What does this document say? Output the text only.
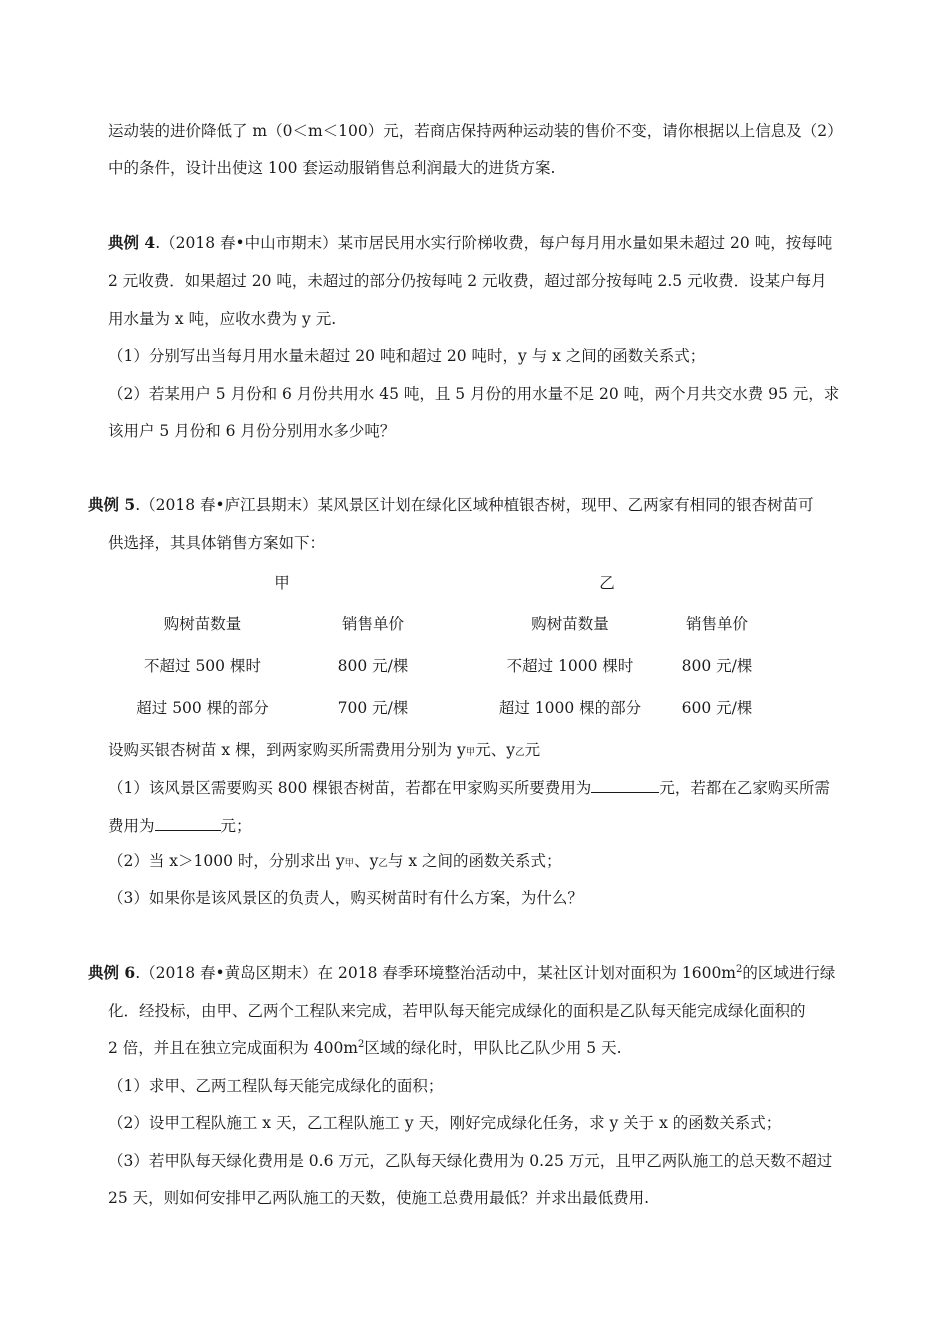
运动装的进价降低了 m（0＜m＜100）元，若商店保持两种运动装的售价不变，请你根据以上信息及（2）
中的条件，设计出使这 100 套运动服销售总利润最大的进货方案.
典例 4.（2018 春•中山市期末）某市居民用水实行阶梯收费，每户每月用水量如果未超过 20 吨，按每吨
2 元收费．如果超过 20 吨，未超过的部分仍按每吨 2 元收费，超过部分按每吨 2.5 元收费．设某户每月
用水量为 x 吨，应收水费为 y 元.
（1）分别写出当每月用水量未超过 20 吨和超过 20 吨时，y 与 x 之间的函数关系式；
（2）若某用户 5 月份和 6 月份共用水 45 吨，且 5 月份的用水量不足 20 吨，两个月共交水费 95 元，求
该用户 5 月份和 6 月份分别用水多少吨？
典例 5.（2018 春•庐江县期末）某风景区计划在绿化区域种植银杏树，现甲、乙两家有相同的银杏树苗可
供选择，其具体销售方案如下：
甲	乙
购树苗数量	销售单价	购树苗数量	销售单价
不超过 500 棵时	800 元/棵	不超过 1000 棵时	800 元/棵
超过 500 棵的部分	700 元/棵	超过 1000 棵的部分	600 元/棵
设购买银杏树苗 x 棵，到两家购买所需费用分别为 y甲元、y乙元
（1）该风景区需要购买 800 棵银杏树苗，若都在甲家购买所要费用为	元，若都在乙家购买所需
费用为	元；
（2）当 x＞1000 时，分别求出 y甲、y乙与 x 之间的函数关系式；
（3）如果你是该风景区的负责人，购买树苗时有什么方案，为什么？
典例 6.（2018 春•黄岛区期末）在 2018 春季环境整治活动中，某社区计划对面积为 $1600m^2$的区域进行绿
化．经投标，由甲、乙两个工程队来完成，若甲队每天能完成绿化的面积是乙队每天能完成绿化面积的
2 倍，并且在独立完成面积为 $400m^2$区域的绿化时，甲队比乙队少用 5 天.
（1）求甲、乙两工程队每天能完成绿化的面积；
（2）设甲工程队施工 x 天，乙工程队施工 y 天，刚好完成绿化任务，求 y 关于 x 的函数关系式；
（3）若甲队每天绿化费用是 0.6 万元，乙队每天绿化费用为 0.25 万元，且甲乙两队施工的总天数不超过
25 天，则如何安排甲乙两队施工的天数，使施工总费用最低？并求出最低费用.
